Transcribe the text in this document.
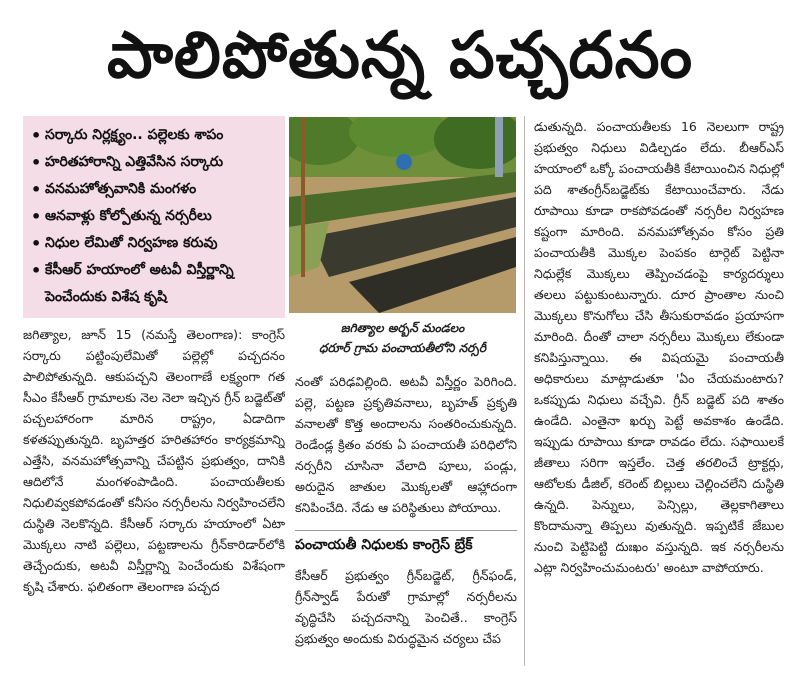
పాలిపోతున్న పచ్చదనం
• సర్కారు నిర్లక్ష్యం.. పల్లెలకు శాపం
• హరితహారాన్ని ఎత్తివేసిన సర్కారు
• వనమహోత్సవానికి మంగళం
• ఆనవాళ్లు కోల్పోతున్న నర్సరీలు
• నిధుల లేమితో నిర్వహణ కరువు
• కేసీఆర్ హయాంలో అటవీ విస్తీర్ణాన్ని పెంచేందుకు విశేష కృషి
జగిత్యాల అర్బన్ మండలం
ధరూర్ గ్రామ పంచాయతీలోని నర్సరీ
జగిత్యాల, జూన్ 15 (నమస్తే తెలంగాణ): కాంగ్రెస్ సర్కారు పట్టింపులేమితో పల్లెల్లో పచ్చదనం పాలిపోతున్నది. ఆకుపచ్చని తెలంగాణే లక్ష్యంగా గత సీఎం కేసీఆర్ గ్రామాలకు నెల నెలా ఇచ్చిన గ్రీన్ బడ్జెట్‌తో పచ్చలహారంగా మారిన రాష్ట్రం, ఏడాదిగా కళతప్పుతున్నది. బృహత్తర హరితహారం కార్యక్రమాన్ని ఎత్తేసి, వనమహోత్సవాన్ని చేపట్టిన ప్రభుత్వం, దానికి ఆదిలోనే మంగళంపాడింది. పంచాయతీలకు నిధులివ్వకపోవడంతో కనీసం నర్సరీలను నిర్వహించలేని దుస్థితి నెలకొన్నది. కేసీఆర్ సర్కారు హయాంలో ఏటా మొక్కలు నాటి పల్లెలు, పట్టణాలను గ్రీన్‌కారిడార్‌లోకి తెచ్చేందుకు, అటవీ విస్తీర్ణాన్ని పెంచేందుకు విశేషంగా కృషి చేశారు. ఫలితంగా తెలంగాణ పచ్చద
నంతో పరిఢవిల్లింది. అటవీ విస్తీర్ణం పెరిగింది. పల్లె, పట్టణ ప్రకృతివనాలు, బృహత్ ప్రకృతి వనాలతో కొత్త అందాలను సంతరించుకున్నది. రెండేండ్ల క్రితం వరకు ఏ పంచాయతీ పరిధిలోని నర్సరీని చూసినా వేలాది పూలు, పండ్లు, అరుదైన జాతుల మొక్కలతో ఆహ్లాదంగా కనిపించేది. నేడు ఆ పరిస్థితులు పోయాయి.
పంచాయతీ నిధులకు కాంగ్రెస్ బ్రేక్
కేసీఆర్ ప్రభుత్వం గ్రీన్‌బడ్జెట్, గ్రీన్‌ఫండ్, గ్రీన్‌స్వాడ్ పేరుతో గ్రామాల్లో నర్సరీలను వృద్ధిచేసి పచ్చదనాన్ని పెంచితే.. కాంగ్రెస్ ప్రభుత్వం అందుకు విరుద్ధమైన చర్యలు చేప
డుతున్నది. పంచాయతీలకు 16 నెలలుగా రాష్ట్ర ప్రభుత్వం నిధులు విడిల్చడం లేదు. బీఆర్‌ఎస్ హయాంలో ఒక్కో పంచాయతీకి కేటాయించిన నిధుల్లో పది శాతంగ్రీన్‌బడ్జెట్‌కు కేటాయించేవారు. నేడు రూపాయి కూడా రాకపోవడంతో నర్సరీల నిర్వహణ కష్టంగా మారింది. వనమహోత్సవం కోసం ప్రతి పంచాయతీకి మొక్కల పెంపకం టార్గెట్ పెట్టినా నిధుల్లేక మొక్కలు తెప్పించడంపై కార్యదర్శులు తలలు పట్టుకుంటున్నారు. దూర ప్రాంతాల నుంచి మొక్కలు కొనుగోలు చేసి తీసుకురావడం ప్రయాసగా మారింది. దీంతో చాలా నర్సరీలు మొక్కలు లేకుండా కనిపిస్తున్నాయి. ఈ విషయమై పంచాయతీ అధికారులు మాట్లాడుతూ 'ఏం చేయమంటారు? ఒకప్పుడు నిధులు వచ్చేవి. గ్రీన్ బడ్జెట్ పది శాతం ఉండేది. ఎంతైనా ఖర్చు పెట్టే అవకాశం ఉండేది. ఇప్పుడు రూపాయి కూడా రావడం లేదు. సఫాయిలకే జీతాలు సరిగా ఇస్తలేం. చెత్త తరలించే ట్రాక్టర్లు, ఆటోలకు డీజిల్, కరెంట్ బిల్లులు చెల్లించలేని దుస్థితి ఉన్నది. పెన్నులు, పెన్సిల్లు, తెల్లకాగితాలు కొందామన్నా తిప్పలు వుతున్నది. ఇప్పటికే జేబుల నుంచి పెట్టిపెట్టి దుఃఖం వస్తున్నది. ఇక నర్సరీలను ఎట్లా నిర్వహించుమంటరు' అంటూ వాపోయారు.
